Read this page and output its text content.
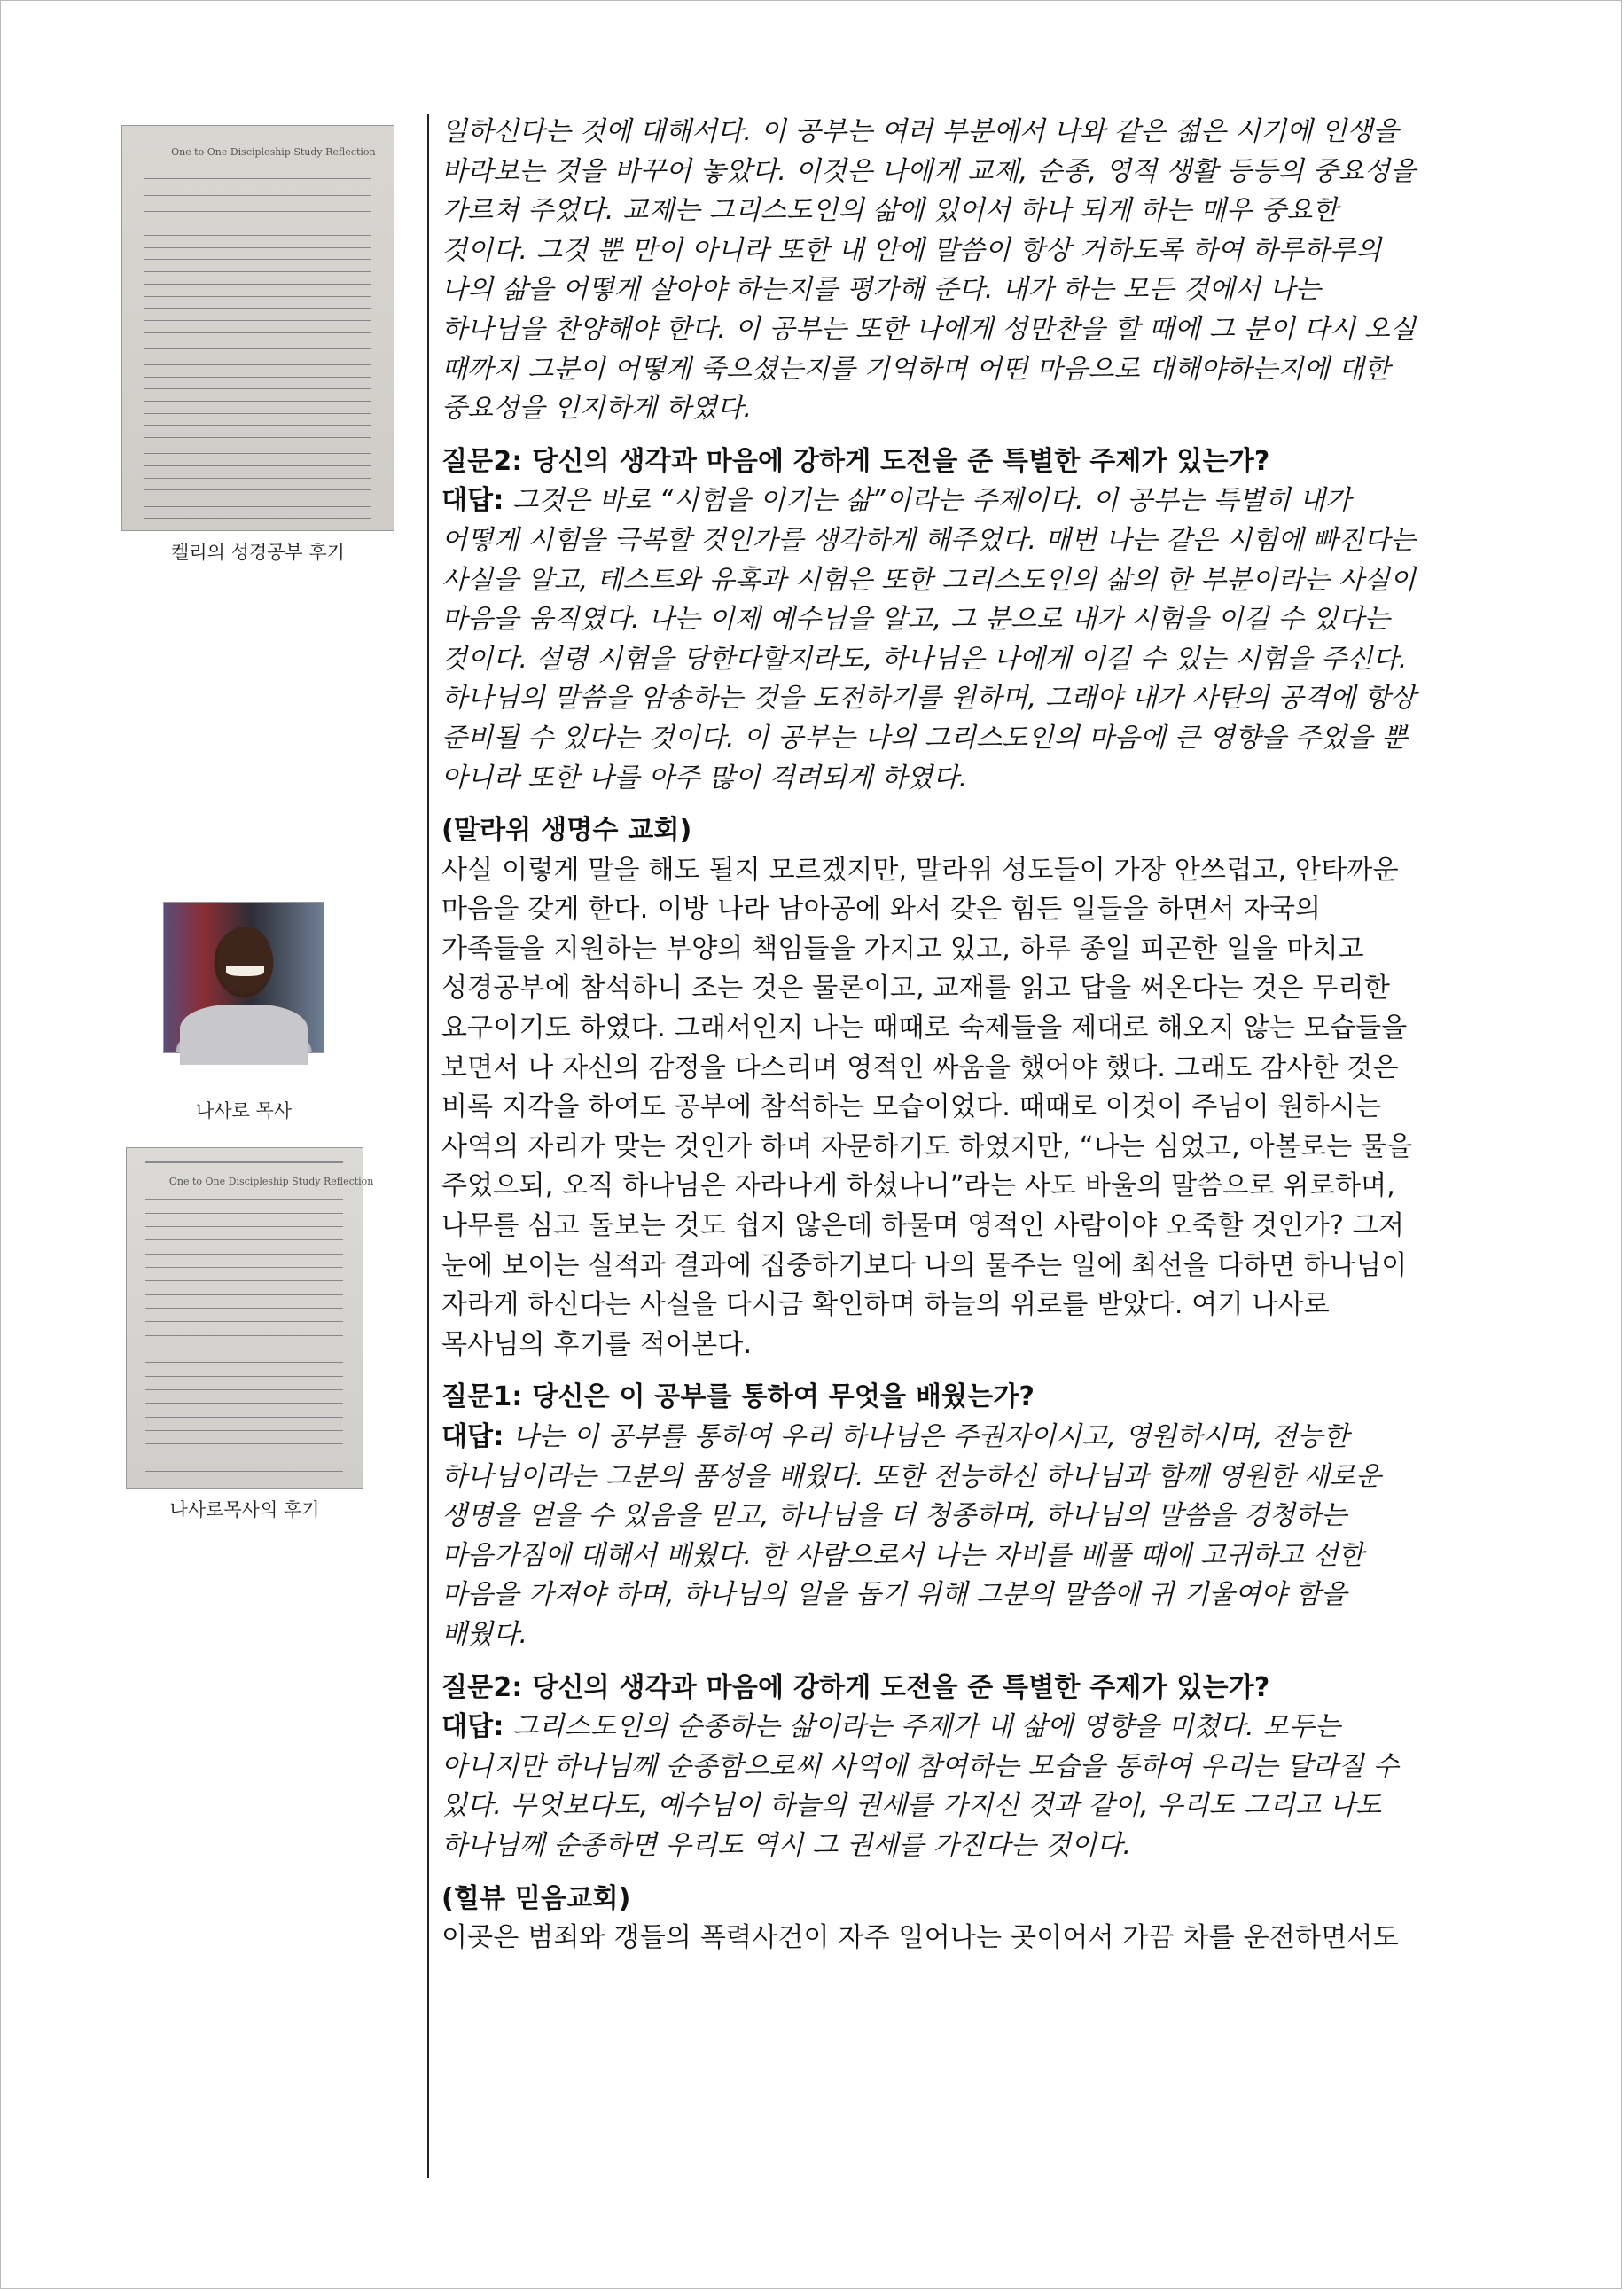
One to One Discipleship Study Reflection
켈리의 성경공부 후기
나사로 목사
One to One Discipleship Study Reflection
나사로목사의 후기

일하신다는 것에 대해서다. 이 공부는 여러 부분에서 나와 같은 젊은 시기에 인생을
바라보는 것을 바꾸어 놓았다. 이것은 나에게 교제, 순종, 영적 생활 등등의 중요성을
가르쳐 주었다. 교제는 그리스도인의 삶에 있어서 하나 되게 하는 매우 중요한
것이다. 그것 뿐 만이 아니라 또한 내 안에 말씀이 항상 거하도록 하여 하루하루의
나의 삶을 어떻게 살아야 하는지를 평가해 준다. 내가 하는 모든 것에서 나는
하나님을 찬양해야 한다. 이 공부는 또한 나에게 성만찬을 할 때에 그 분이 다시 오실
때까지 그분이 어떻게 죽으셨는지를 기억하며 어떤 마음으로 대해야하는지에 대한
중요성을 인지하게 하였다.

질문2: 당신의 생각과 마음에 강하게 도전을 준 특별한 주제가 있는가?

대답: 그것은 바로 “시험을 이기는 삶”이라는 주제이다. 이 공부는 특별히 내가
어떻게 시험을 극복할 것인가를 생각하게 해주었다. 매번 나는 같은 시험에 빠진다는
사실을 알고, 테스트와 유혹과 시험은 또한 그리스도인의 삶의 한 부분이라는 사실이
마음을 움직였다. 나는 이제 예수님을 알고, 그 분으로 내가 시험을 이길 수 있다는
것이다. 설령 시험을 당한다할지라도, 하나님은 나에게 이길 수 있는 시험을 주신다.
하나님의 말씀을 암송하는 것을 도전하기를 원하며, 그래야 내가 사탄의 공격에 항상
준비될 수 있다는 것이다. 이 공부는 나의 그리스도인의 마음에 큰 영향을 주었을 뿐
아니라 또한 나를 아주 많이 격려되게 하였다.

(말라위 생명수 교회)

사실 이렇게 말을 해도 될지 모르겠지만, 말라위 성도들이 가장 안쓰럽고, 안타까운
마음을 갖게 한다. 이방 나라 남아공에 와서 갖은 힘든 일들을 하면서 자국의
가족들을 지원하는 부양의 책임들을 가지고 있고, 하루 종일 피곤한 일을 마치고
성경공부에 참석하니 조는 것은 물론이고, 교재를 읽고 답을 써온다는 것은 무리한
요구이기도 하였다. 그래서인지 나는 때때로 숙제들을 제대로 해오지 않는 모습들을
보면서 나 자신의 감정을 다스리며 영적인 싸움을 했어야 했다. 그래도 감사한 것은
비록 지각을 하여도 공부에 참석하는 모습이었다. 때때로 이것이 주님이 원하시는
사역의 자리가 맞는 것인가 하며 자문하기도 하였지만, “나는 심었고, 아볼로는 물을
주었으되, 오직 하나님은 자라나게 하셨나니”라는 사도 바울의 말씀으로 위로하며,
나무를 심고 돌보는 것도 쉽지 않은데 하물며 영적인 사람이야 오죽할 것인가? 그저
눈에 보이는 실적과 결과에 집중하기보다 나의 물주는 일에 최선을 다하면 하나님이
자라게 하신다는 사실을 다시금 확인하며 하늘의 위로를 받았다. 여기 나사로
목사님의 후기를 적어본다.

질문1: 당신은 이 공부를 통하여 무엇을 배웠는가?

대답: 나는 이 공부를 통하여 우리 하나님은 주권자이시고, 영원하시며, 전능한
하나님이라는 그분의 품성을 배웠다. 또한 전능하신 하나님과 함께 영원한 새로운
생명을 얻을 수 있음을 믿고, 하나님을 더 청종하며, 하나님의 말씀을 경청하는
마음가짐에 대해서 배웠다. 한 사람으로서 나는 자비를 베풀 때에 고귀하고 선한
마음을 가져야 하며, 하나님의 일을 돕기 위해 그분의 말씀에 귀 기울여야 함을
배웠다.

질문2: 당신의 생각과 마음에 강하게 도전을 준 특별한 주제가 있는가?

대답: 그리스도인의 순종하는 삶이라는 주제가 내 삶에 영향을 미쳤다. 모두는
아니지만 하나님께 순종함으로써 사역에 참여하는 모습을 통하여 우리는 달라질 수
있다. 무엇보다도, 예수님이 하늘의 권세를 가지신 것과 같이, 우리도 그리고 나도
하나님께 순종하면 우리도 역시 그 권세를 가진다는 것이다.

(힐뷰 믿음교회)

이곳은 범죄와 갱들의 폭력사건이 자주 일어나는 곳이어서 가끔 차를 운전하면서도
